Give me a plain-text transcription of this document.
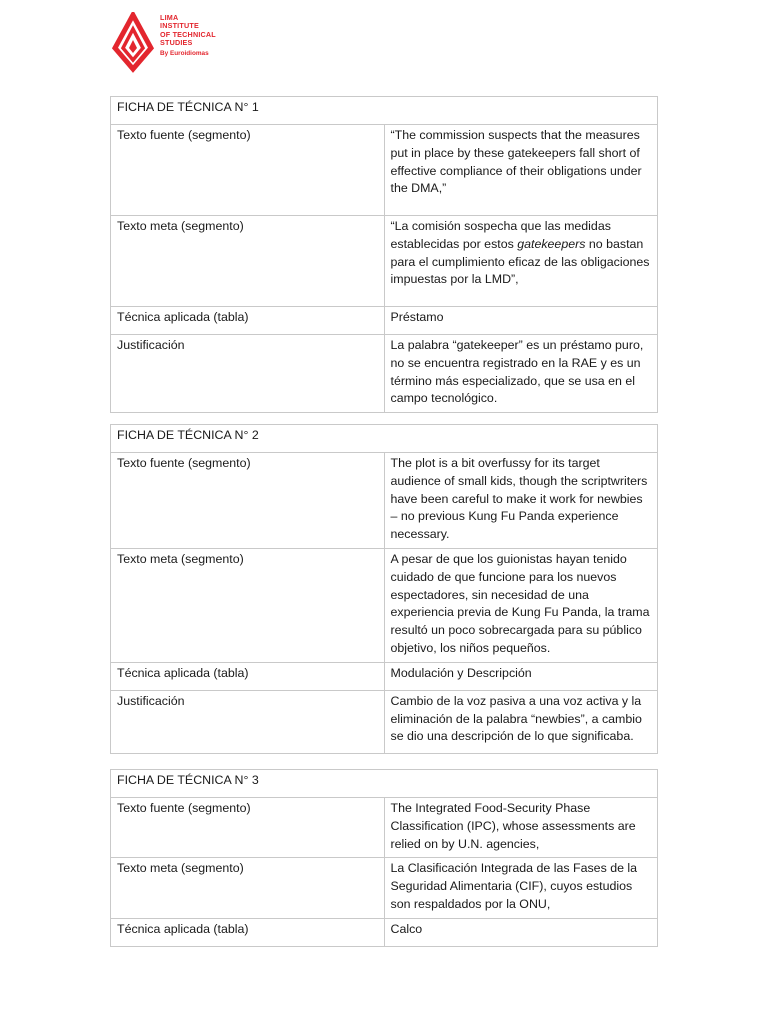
LIMA
INSTITUTE
OF TECHNICAL
STUDIES
By Euroidiomas
FICHA DE TÉCNICA N° 1	
Texto fuente (segmento)	“The commission suspects that the measures put in place by these gatekeepers fall short of effective compliance of their obligations under the DMA,”
Texto meta (segmento)	“La comisión sospecha que las medidas establecidas por estos gatekeepers no bastan para el cumplimiento eficaz de las obligaciones impuestas por la LMD”,
Técnica aplicada (tabla)	Préstamo
Justificación	La palabra “gatekeeper” es un préstamo puro, no se encuentra registrado en la RAE y es un término más especializado, que se usa en el campo tecnológico.
FICHA DE TÉCNICA N° 2	
Texto fuente (segmento)	The plot is a bit overfussy for its target audience of small kids, though the scriptwriters have been careful to make it work for newbies – no previous Kung Fu Panda experience necessary.
Texto meta (segmento)	A pesar de que los guionistas hayan tenido cuidado de que funcione para los nuevos espectadores, sin necesidad de una experiencia previa de Kung Fu Panda, la trama resultó un poco sobrecargada para su público objetivo, los niños pequeños.
Técnica aplicada (tabla)	Modulación y Descripción
Justificación	Cambio de la voz pasiva a una voz activa y la eliminación de la palabra “newbies”, a cambio se dio una descripción de lo que significaba.
FICHA DE TÉCNICA N° 3	
Texto fuente (segmento)	The Integrated Food-Security Phase Classification (IPC), whose assessments are relied on by U.N. agencies,
Texto meta (segmento)	La Clasificación Integrada de las Fases de la Seguridad Alimentaria (CIF), cuyos estudios son respaldados por la ONU,
Técnica aplicada (tabla)	Calco
